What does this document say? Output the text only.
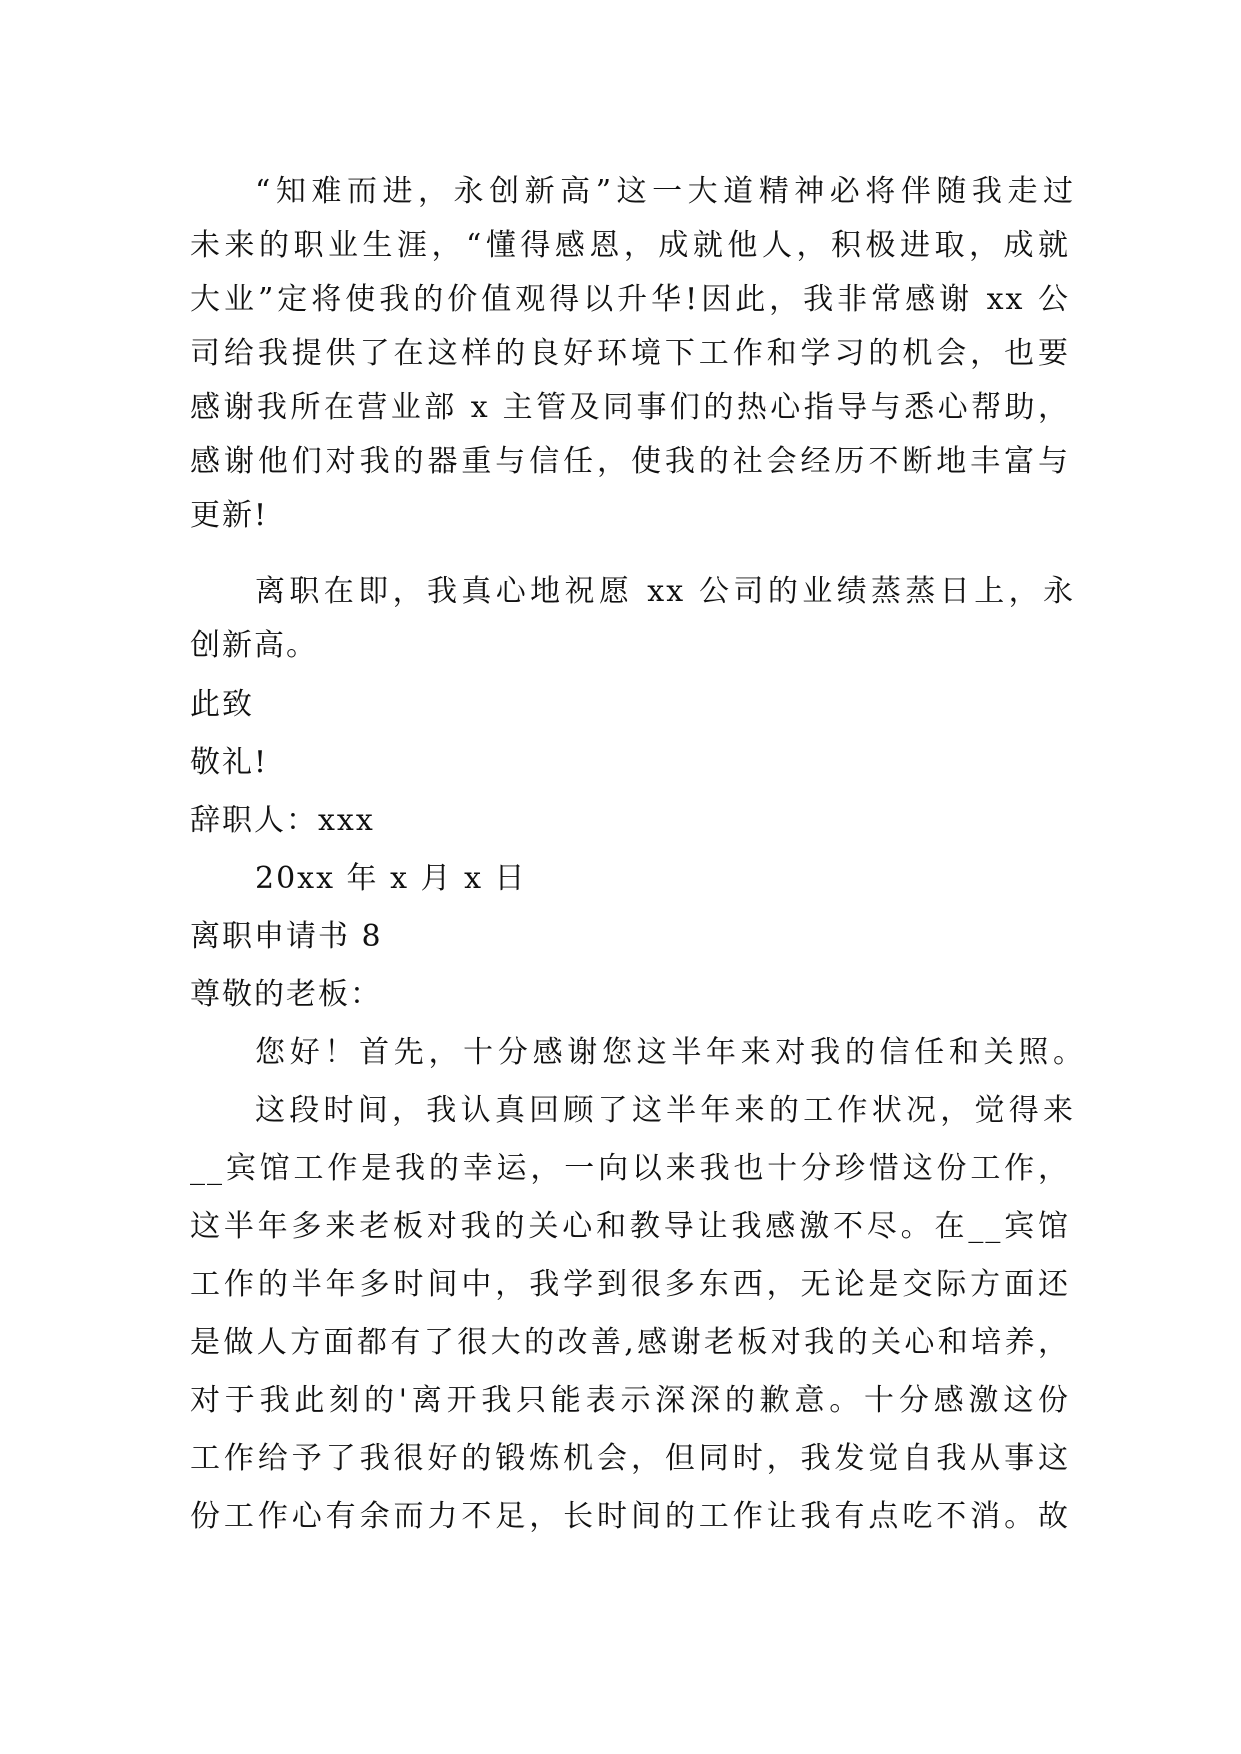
“知难而进，永创新高”这一大道精神必将伴随我走过
未来的职业生涯，“懂得感恩，成就他人，积极进取，成就
大业”定将使我的价值观得以升华!因此，我非常感谢 xx 公
司给我提供了在这样的良好环境下工作和学习的机会，也要
感谢我所在营业部 x 主管及同事们的热心指导与悉心帮助，
感谢他们对我的器重与信任，使我的社会经历不断地丰富与
更新!
离职在即，我真心地祝愿 xx 公司的业绩蒸蒸日上，永
创新高。
此致
敬礼!
辞职人：xxx
20xx 年 x 月 x 日
离职申请书 8
尊敬的老板：
您好！首先，十分感谢您这半年来对我的信任和关照。
这段时间，我认真回顾了这半年来的工作状况，觉得来
__宾馆工作是我的幸运，一向以来我也十分珍惜这份工作，
这半年多来老板对我的关心和教导让我感激不尽。在__宾馆
工作的半年多时间中，我学到很多东西，无论是交际方面还
是做人方面都有了很大的改善,感谢老板对我的关心和培养，
对于我此刻的'离开我只能表示深深的歉意。十分感激这份
工作给予了我很好的锻炼机会，但同时，我发觉自我从事这
份工作心有余而力不足，长时间的工作让我有点吃不消。故
